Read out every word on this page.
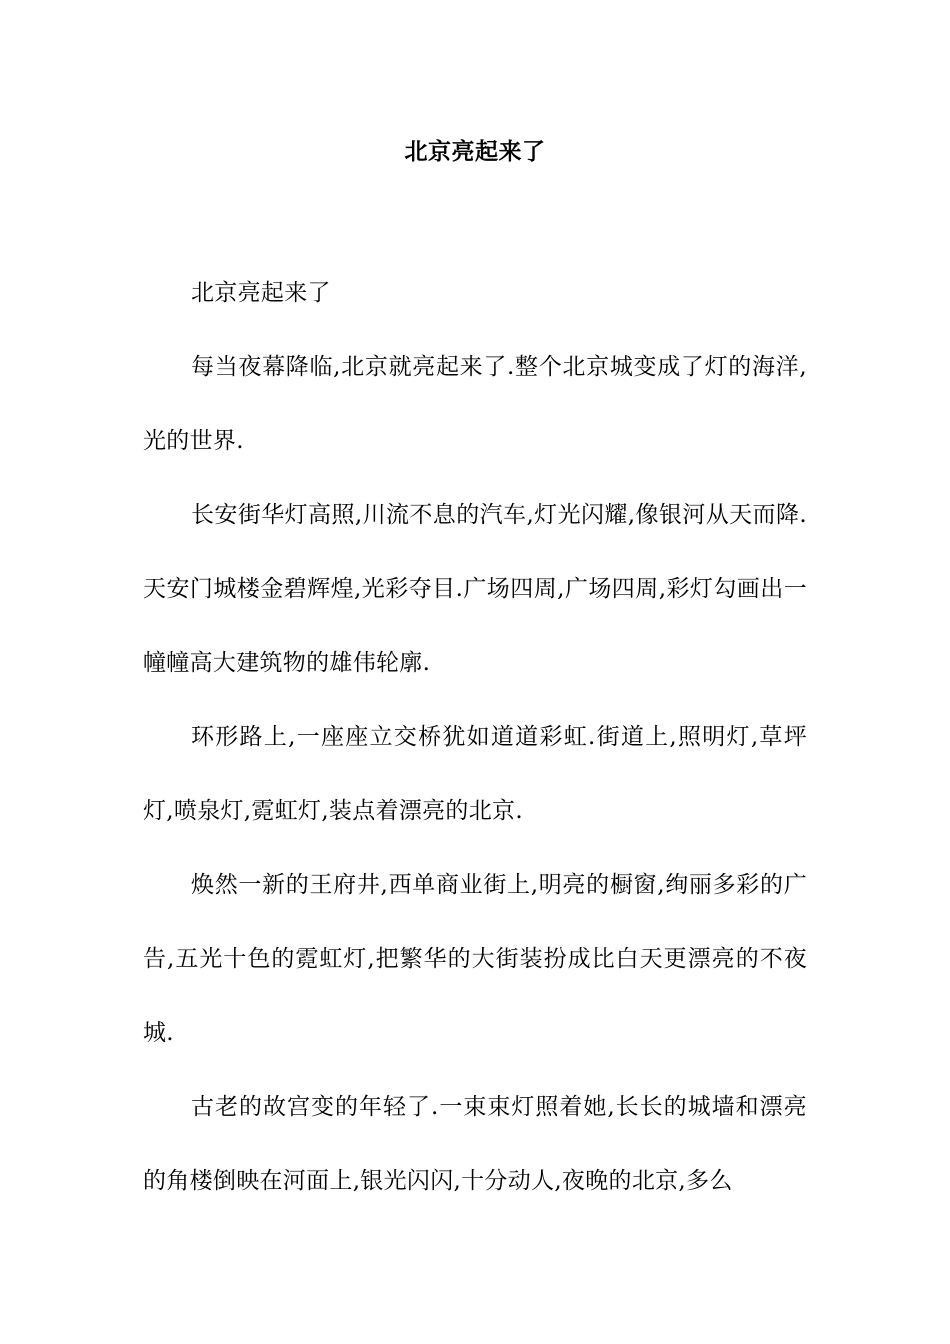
北京亮起来了

北京亮起来了

每当夜幕降临,北京就亮起来了.整个北京城变成了灯的海洋,光的世界.

长安街华灯高照,川流不息的汽车,灯光闪耀,像银河从天而降.天安门城楼金碧辉煌,光彩夺目.广场四周,广场四周,彩灯勾画出一幢幢高大建筑物的雄伟轮廓.

环形路上,一座座立交桥犹如道道彩虹.街道上,照明灯,草坪灯,喷泉灯,霓虹灯,装点着漂亮的北京.

焕然一新的王府井,西单商业街上,明亮的橱窗,绚丽多彩的广告,五光十色的霓虹灯,把繁华的大街装扮成比白天更漂亮的不夜城.

古老的故宫变的年轻了.一束束灯照着她,长长的城墙和漂亮的角楼倒映在河面上,银光闪闪,十分动人,夜晚的北京,多么
